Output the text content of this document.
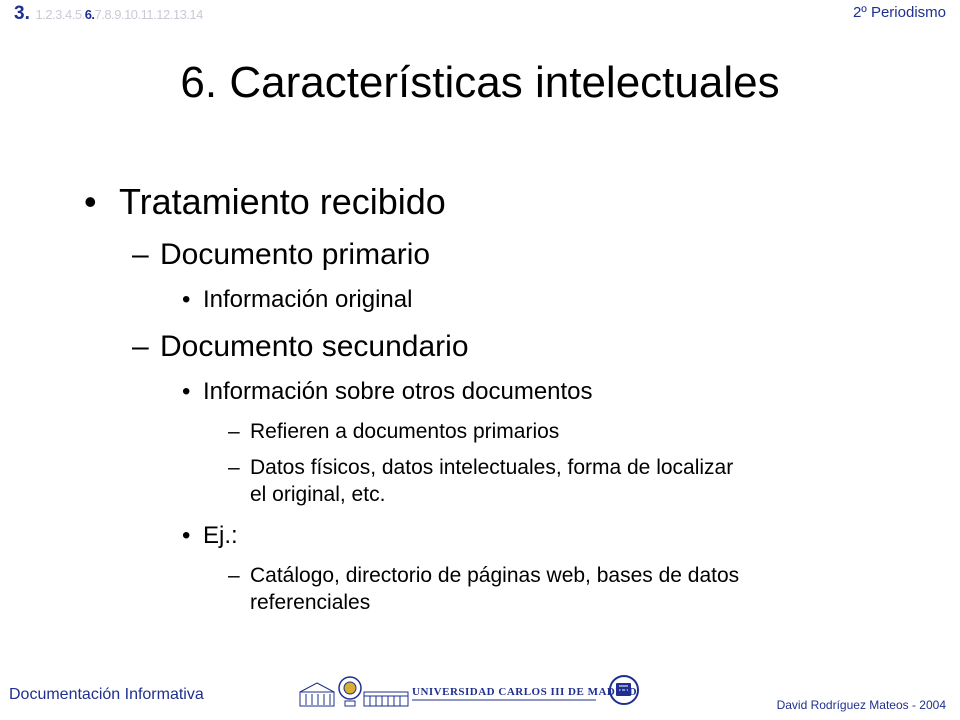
3. 1.2.3.4.5.6.7.8.9.10.11.12.13.14	2º Periodismo
6. Características intelectuales
• Tratamiento recibido
– Documento primario
• Información original
– Documento secundario
• Información sobre otros documentos
– Refieren a documentos primarios
– Datos físicos, datos intelectuales, forma de localizar
el original, etc.
• Ej.:
– Catálogo, directorio de páginas web, bases de datos
referenciales
Documentación Informativa	UNIVERSIDAD CARLOS III DE MADRID
David Rodríguez Mateos - 2004
